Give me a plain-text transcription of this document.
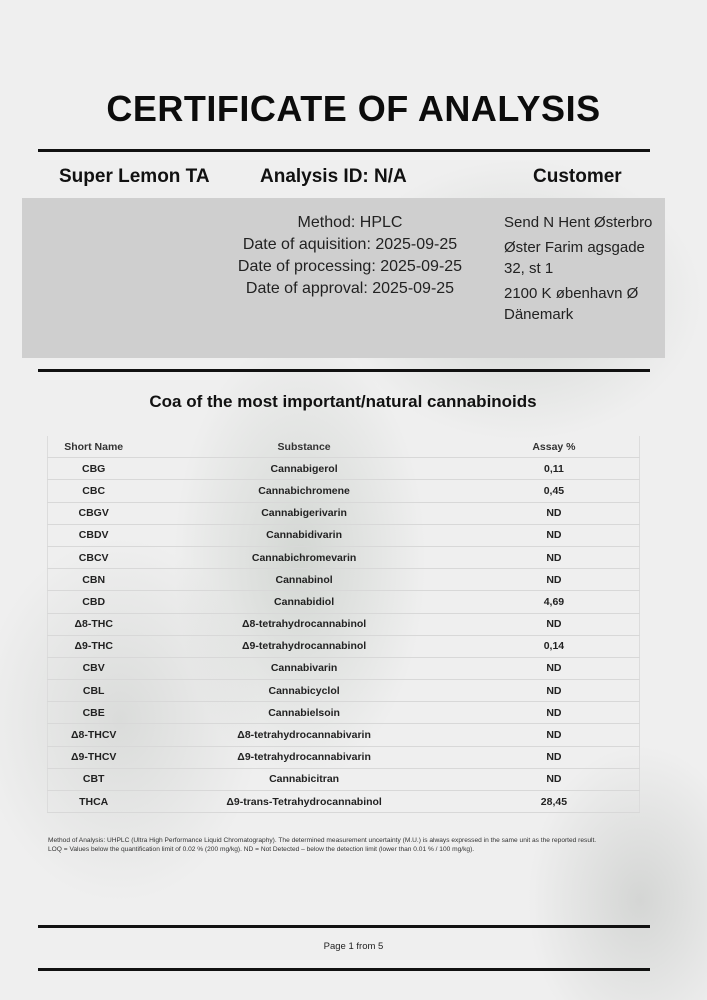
CERTIFICATE OF ANALYSIS
Super Lemon TA	Analysis ID: N/A	Customer
Method: HPLC
Date of aquisition: 2025-09-25
Date of processing: 2025-09-25
Date of approval: 2025-09-25
Send N Hent Østerbro
Øster Farim agsgade 32, st 1
2100 K øbenhavn Ø Dänemark
Coa of the most important/natural cannabinoids
Short Name	Substance	Assay %
CBG	Cannabigerol	0,11
CBC	Cannabichromene	0,45
CBGV	Cannabigerivarin	ND
CBDV	Cannabidivarin	ND
CBCV	Cannabichromevarin	ND
CBN	Cannabinol	ND
CBD	Cannabidiol	4,69
Δ8-THC	Δ8-tetrahydrocannabinol	ND
Δ9-THC	Δ9-tetrahydrocannabinol	0,14
CBV	Cannabivarin	ND
CBL	Cannabicyclol	ND
CBE	Cannabielsoin	ND
Δ8-THCV	Δ8-tetrahydrocannabivarin	ND
Δ9-THCV	Δ9-tetrahydrocannabivarin	ND
CBT	Cannabicitran	ND
THCA	Δ9-trans-Tetrahydrocannabinol	28,45
Method of Analysis: UHPLC (Ultra High Performance Liquid Chromatography). The determined measurement uncertainty (M.U.) is always expressed in the same unit as the reported result.
LOQ = Values below the quantification limit of 0.02 % (200 mg/kg). ND = Not Detected – below the detection limit (lower than 0.01 % / 100 mg/kg).
Page 1 from 5
